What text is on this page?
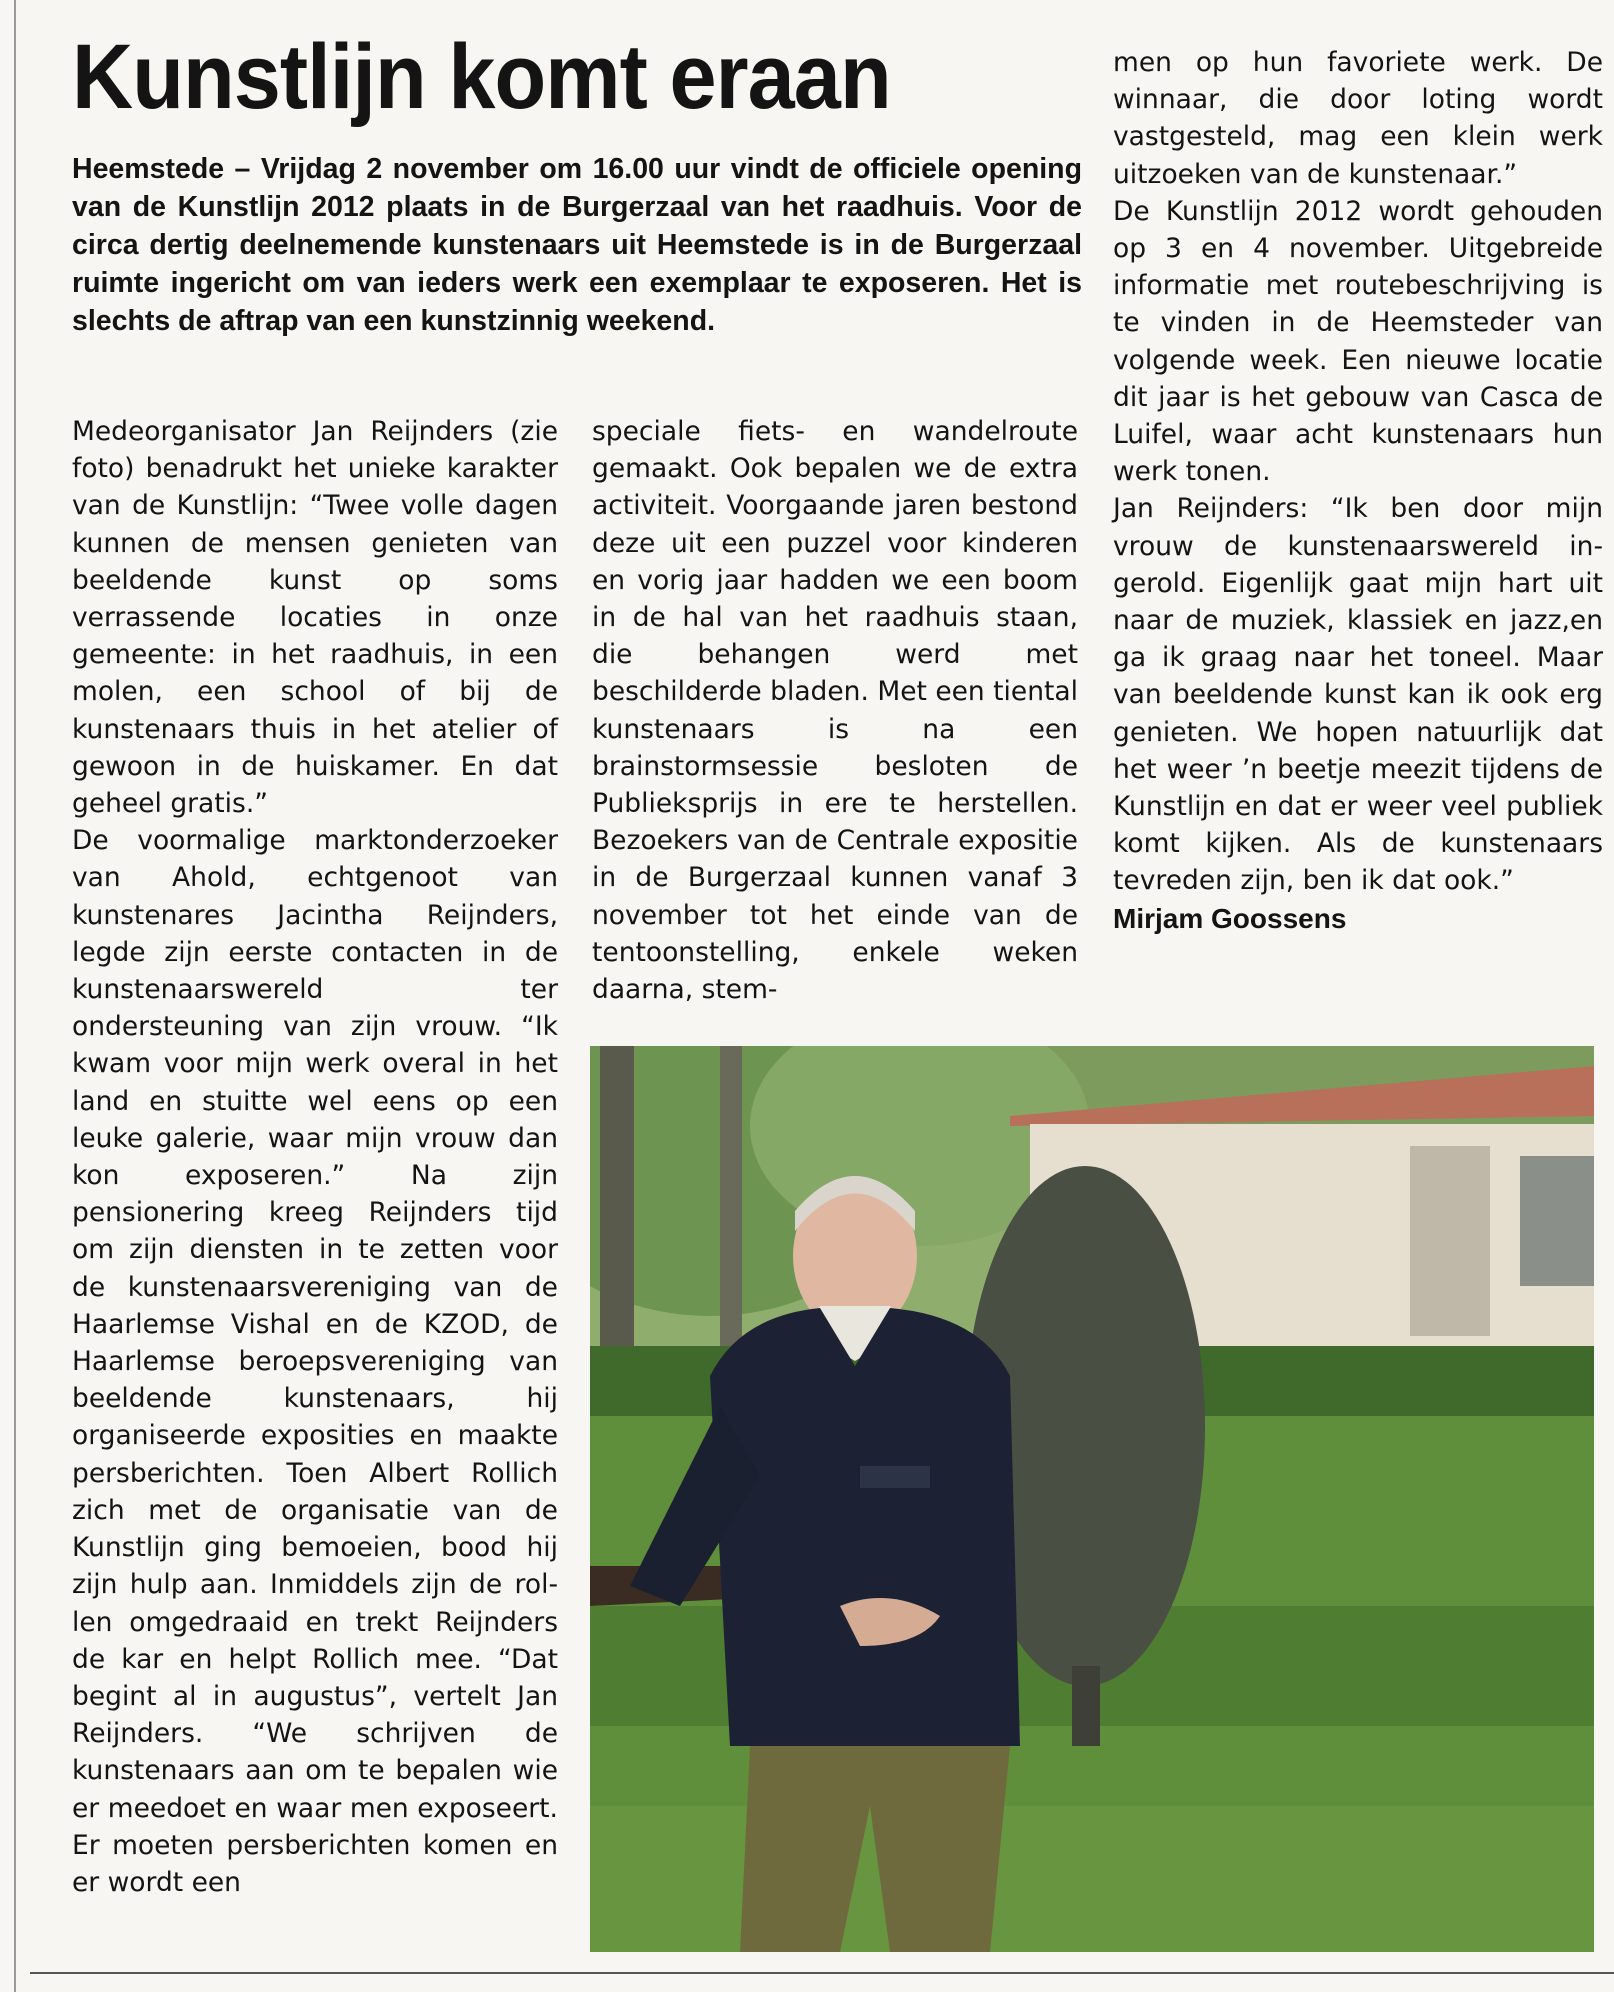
Kunstlijn komt eraan

Heemstede – Vrijdag 2 november om 16.00 uur vindt de officiele opening van de Kunstlijn 2012 plaats in de Burgerzaal van het raadhuis. Voor de circa dertig deelnemende kunstenaars uit Heemstede is in de Burgerzaal ruimte ingericht om van ieders werk een exemplaar te exposeren. Het is slechts de aftrap van een kunstzinnig weekend.

Medeorganisator Jan Reijnders (zie foto) benadrukt het unieke karakter van de Kunstlijn: “Twee volle dagen kunnen de mensen genieten van beeldende kunst op soms verrassende locaties in onze gemeente: in het raadhuis, in een molen, een school of bij de kunstenaars thuis in het atelier of gewoon in de huiskamer. En dat geheel gratis.”

De voormalige marktonderzoeker van Ahold, echtgenoot van kunstenares Jacintha Reijnders, legde zijn eerste contacten in de kunstenaarswereld ter ondersteuning van zijn vrouw. “Ik kwam voor mijn werk overal in het land en stuitte wel eens op een leuke galerie, waar mijn vrouw dan kon exposeren.” Na zijn pensionering kreeg Reijnders tijd om zijn diensten in te zetten voor de kunstenaarsvereniging van de Haarlemse Vishal en de KZOD, de Haarlemse beroepsvereniging van beeldende kunstenaars, hij organiseerde exposities en maakte persberichten. Toen Albert Rollich zich met de organisatie van de Kunstlijn ging bemoeien, bood hij zijn hulp aan. Inmiddels zijn de rollen omgedraaid en trekt Reijnders de kar en helpt Rollich mee. “Dat begint al in augustus”, vertelt Jan Reijnders. “We schrijven de kunstenaars aan om te bepalen wie er meedoet en waar men exposeert. Er moeten persberichten komen en er wordt een

speciale fiets- en wandelroute gemaakt. Ook bepalen we de extra activiteit. Voorgaande jaren bestond deze uit een puzzel voor kinderen en vorig jaar hadden we een boom in de hal van het raadhuis staan, die behangen werd met beschilderde bladen. Met een tiental kunstenaars is na een brainstormsessie besloten de Publieksprijs in ere te herstellen. Bezoekers van de Centrale expositie in de Burgerzaal kunnen vanaf 3 november tot het einde van de tentoonstelling, enkele weken daarna, stem-

men op hun favoriete werk. De winnaar, die door loting wordt vastgesteld, mag een klein werk uitzoeken van de kunstenaar.”

De Kunstlijn 2012 wordt gehouden op 3 en 4 november. Uitgebreide informatie met routebeschrijving is te vinden in de Heemsteder van volgende week. Een nieuwe locatie dit jaar is het gebouw van Casca de Luifel, waar acht kunstenaars hun werk tonen.

Jan Reijnders: “Ik ben door mijn vrouw de kunstenaarswereld ingerold. Eigenlijk gaat mijn hart uit naar de muziek, klassiek en jazz,en ga ik graag naar het toneel. Maar van beeldende kunst kan ik ook erg genieten. We hopen natuurlijk dat het weer ’n beetje meezit tijdens de Kunstlijn en dat er weer veel publiek komt kijken. Als de kunstenaars tevreden zijn, ben ik dat ook.”

Mirjam Goossens
